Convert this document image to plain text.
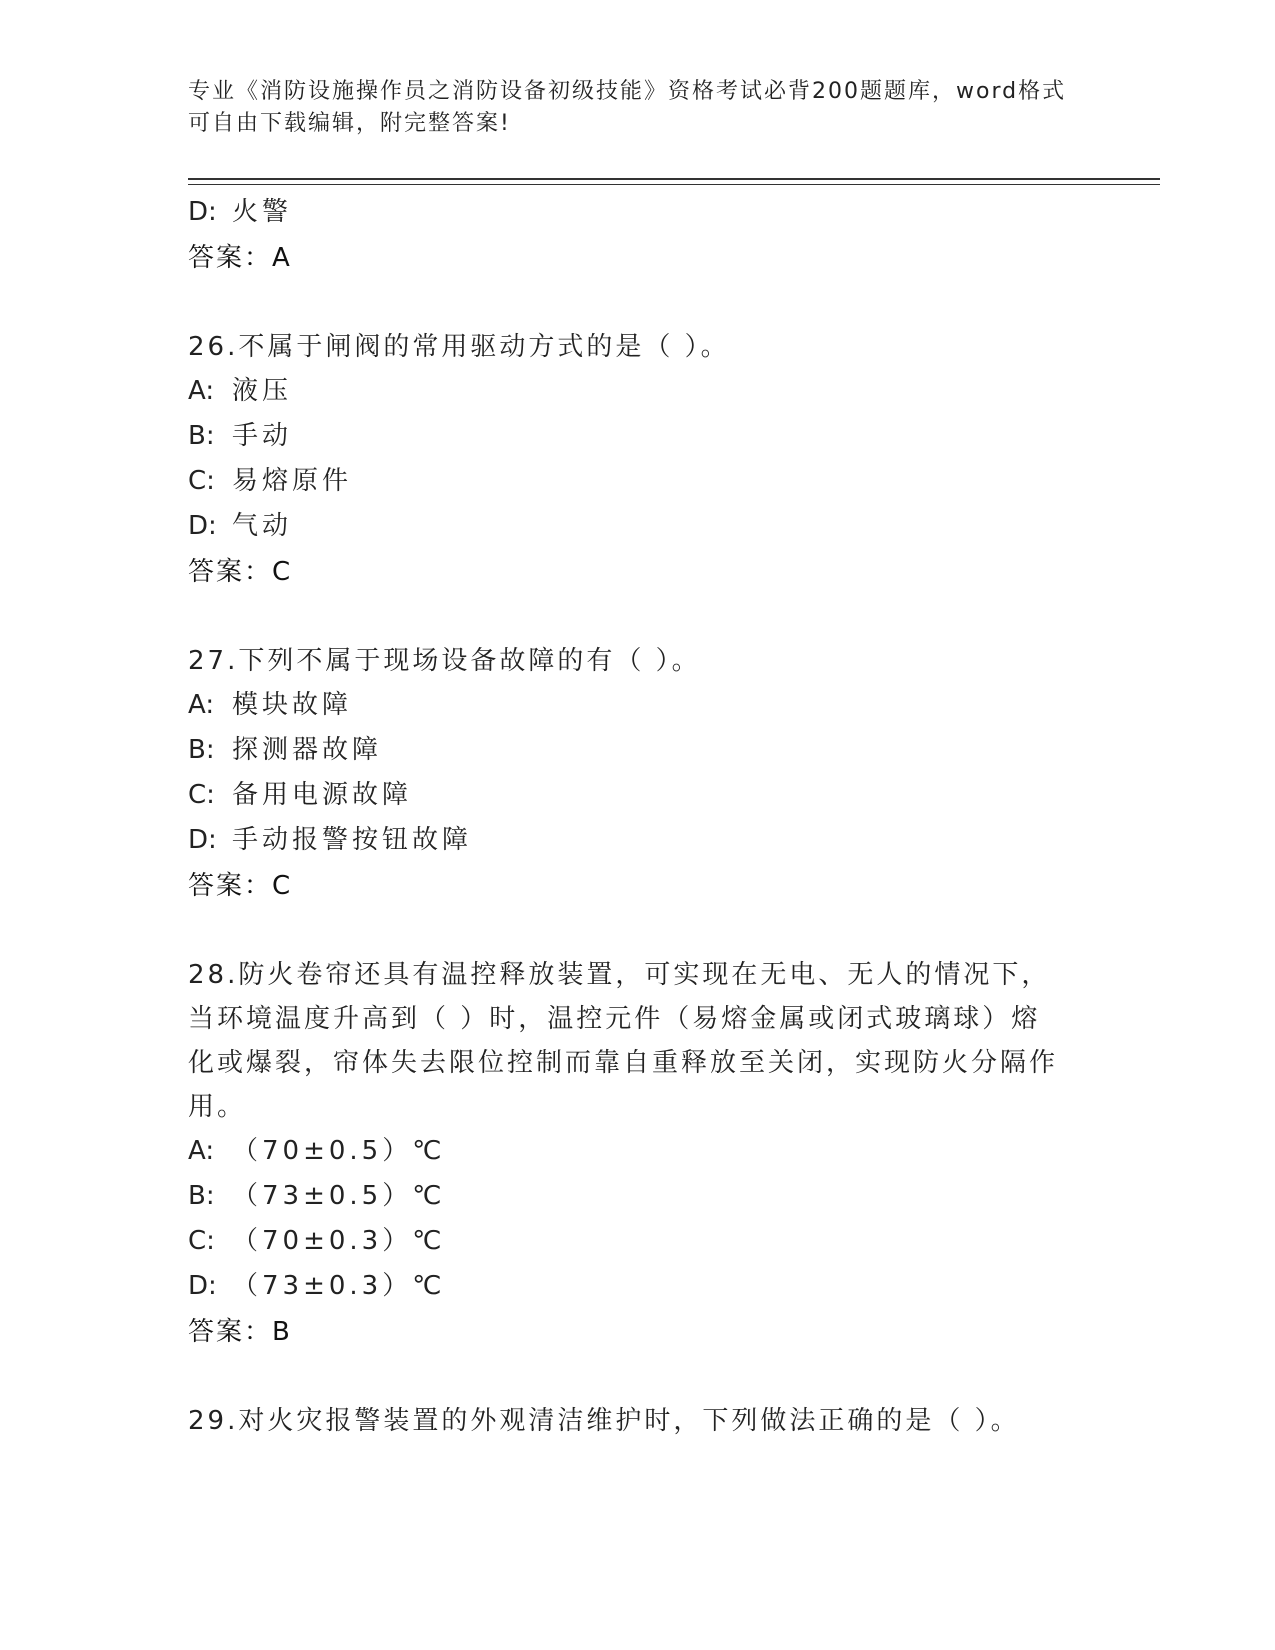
专业《消防设施操作员之消防设备初级技能》资格考试必背200题题库，word格式可自由下载编辑，附完整答案!
D: 火警
答案：A
26.不属于闸阀的常用驱动方式的是（ ）。
A: 液压
B: 手动
C: 易熔原件
D: 气动
答案：C
27.下列不属于现场设备故障的有（ ）。
A: 模块故障
B: 探测器故障
C: 备用电源故障
D: 手动报警按钮故障
答案：C
28.防火卷帘还具有温控释放装置，可实现在无电、无人的情况下，当环境温度升高到（ ）时，温控元件（易熔金属或闭式玻璃球）熔化或爆裂，帘体失去限位控制而靠自重释放至关闭，实现防火分隔作用。
A: （70±0.5）℃
B: （73±0.5）℃
C: （70±0.3）℃
D: （73±0.3）℃
答案：B
29.对火灾报警装置的外观清洁维护时，下列做法正确的是（ ）。
